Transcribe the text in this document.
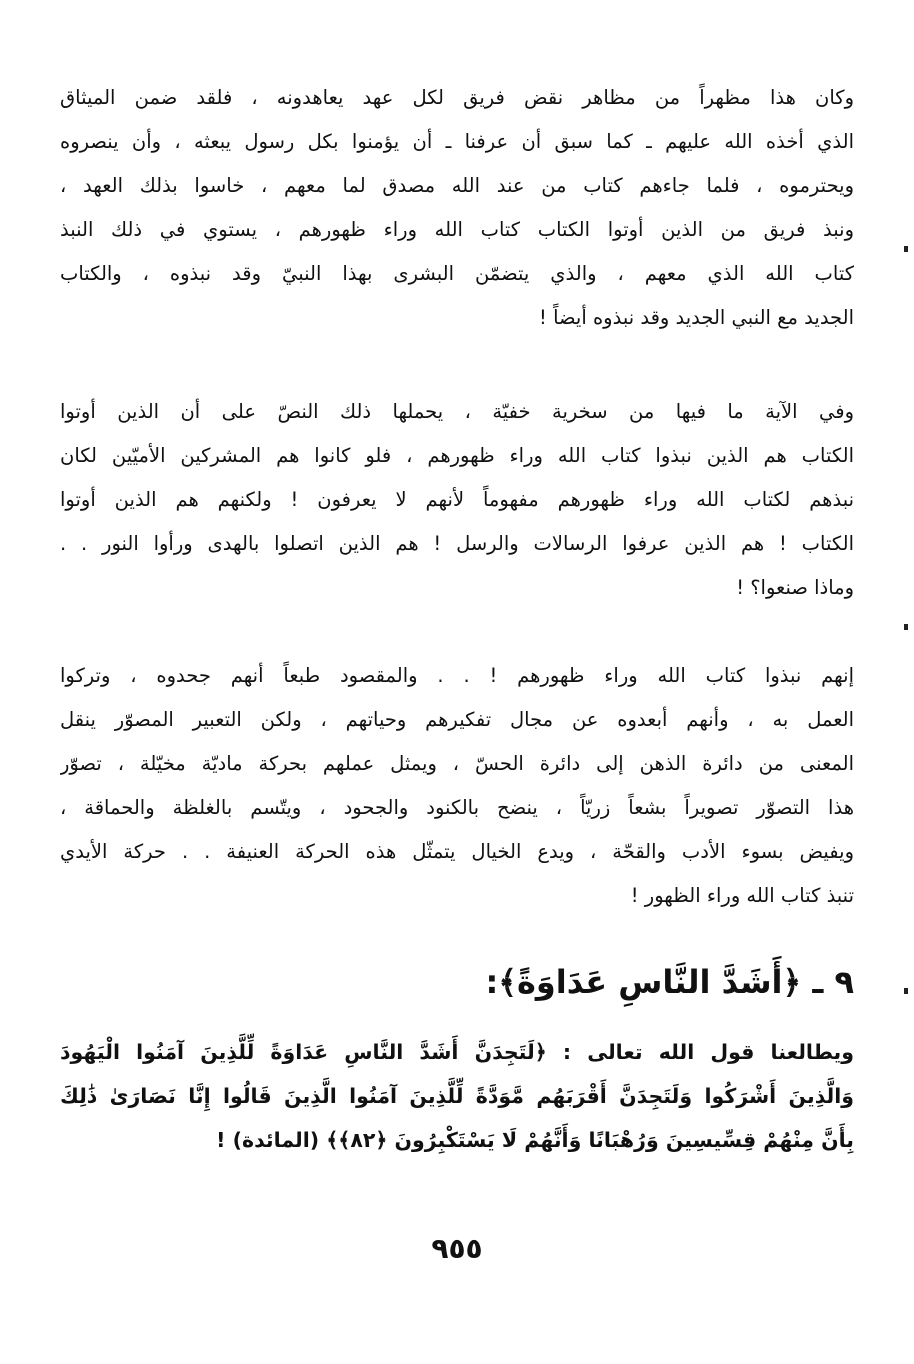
وكان هذا مظهراً من مظاهر نقض فريق لكل عهد يعاهدونه ، فلقد ضمن الميثاق
الذي أخذه الله عليهم ـ كما سبق أن عرفنا ـ أن يؤمنوا بكل رسول يبعثه ، وأن ينصروه
ويحترموه ، فلما جاءهم كتاب من عند الله مصدق لما معهم ، خاسوا بذلك العهد ،
ونبذ فريق من الذين أوتوا الكتاب كتاب الله وراء ظهورهم ، يستوي في ذلك النبذ
كتاب الله الذي معهم ، والذي يتضمّن البشرى بهذا النبيّ وقد نبذوه ، والكتاب
الجديد مع النبي الجديد وقد نبذوه أيضاً !
وفي الآية ما فيها من سخرية خفيّة ، يحملها ذلك النصّ على أن الذين أوتوا
الكتاب هم الذين نبذوا كتاب الله وراء ظهورهم ، فلو كانوا هم المشركين الأميّين لكان
نبذهم لكتاب الله وراء ظهورهم مفهوماً لأنهم لا يعرفون ! ولكنهم هم الذين أوتوا
الكتاب ! هم الذين عرفوا الرسالات والرسل ! هم الذين اتصلوا بالهدى ورأوا النور . .
وماذا صنعوا؟ !
إنهم نبذوا كتاب الله وراء ظهورهم ! . . والمقصود طبعاً أنهم جحدوه ، وتركوا
العمل به ، وأنهم أبعدوه عن مجال تفكيرهم وحياتهم ، ولكن التعبير المصوّر ينقل
المعنى من دائرة الذهن إلى دائرة الحسّ ، ويمثل عملهم بحركة ماديّة مخيّلة ، تصوّر
هذا التصوّر تصويراً بشعاً زريّاً ، ينضح بالكنود والجحود ، ويتّسم بالغلظة والحماقة ،
ويفيض بسوء الأدب والقحّة ، ويدع الخيال يتمثّل هذه الحركة العنيفة . . حركة الأيدي
تنبذ كتاب الله وراء الظهور !
٩ ـ ﴿أَشَدَّ النَّاسِ عَدَاوَةً﴾:
ويطالعنا قول الله تعالى : ﴿لَتَجِدَنَّ أَشَدَّ النَّاسِ عَدَاوَةً لِّلَّذِينَ آمَنُوا الْيَهُودَ
وَالَّذِينَ أَشْرَكُوا وَلَتَجِدَنَّ أَقْرَبَهُم مَّوَدَّةً لِّلَّذِينَ آمَنُوا الَّذِينَ قَالُوا إِنَّا نَصَارَىٰ ذَٰلِكَ
بِأَنَّ مِنْهُمْ قِسِّيسِينَ وَرُهْبَانًا وَأَنَّهُمْ لَا يَسْتَكْبِرُونَ ﴿٨٢﴾﴾ (المائدة) !
٩٥٥
